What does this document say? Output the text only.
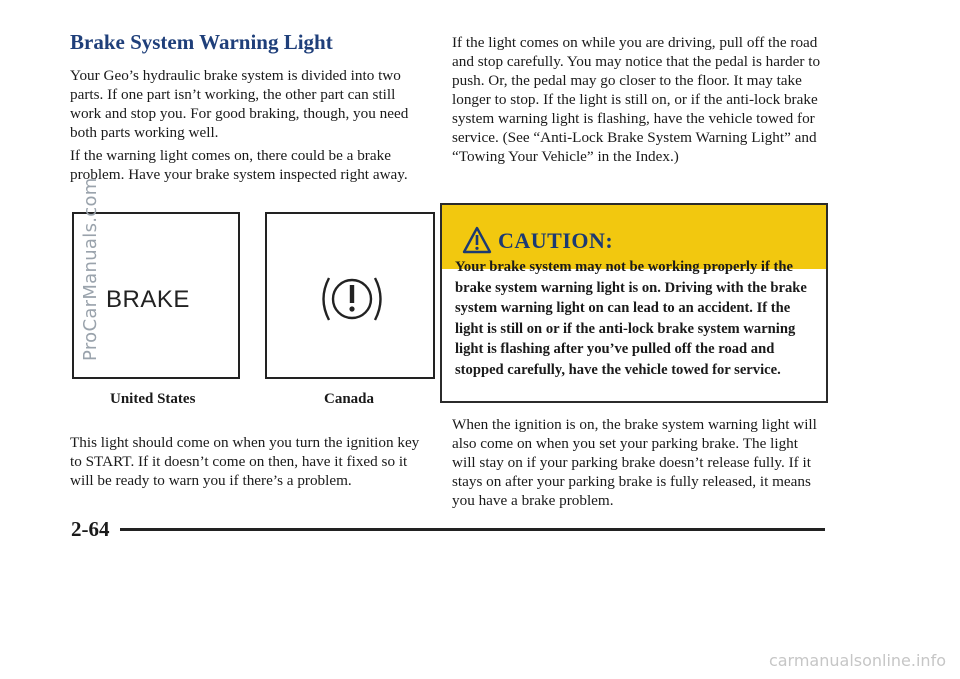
Brake System Warning Light

Your Geo’s hydraulic brake system is divided into two parts. If one part isn’t working, the other part can still work and stop you. For good braking, though, you need both parts working well.

If the warning light comes on, there could be a brake problem. Have your brake system inspected right away.

BRAKE
United States	Canada

This light should come on when you turn the ignition key to START. If it doesn’t come on then, have it fixed so it will be ready to warn you if there’s a problem.

If the light comes on while you are driving, pull off the road and stop carefully. You may notice that the pedal is harder to push. Or, the pedal may go closer to the floor. It may take longer to stop. If the light is still on, or if the anti-lock brake system warning light is flashing, have the vehicle towed for service. (See “Anti-Lock Brake System Warning Light” and “Towing Your Vehicle” in the Index.)

CAUTION:

Your brake system may not be working properly if the brake system warning light is on. Driving with the brake system warning light on can lead to an accident. If the light is still on or if the anti-lock brake system warning light is flashing after you’ve pulled off the road and stopped carefully, have the vehicle towed for service.

When the ignition is on, the brake system warning light will also come on when you set your parking brake. The light will stay on if your parking brake doesn’t release fully. If it stays on after your parking brake is fully released, it means you have a brake problem.

2-64
ProCarManuals.com
carmanualsonline.info
